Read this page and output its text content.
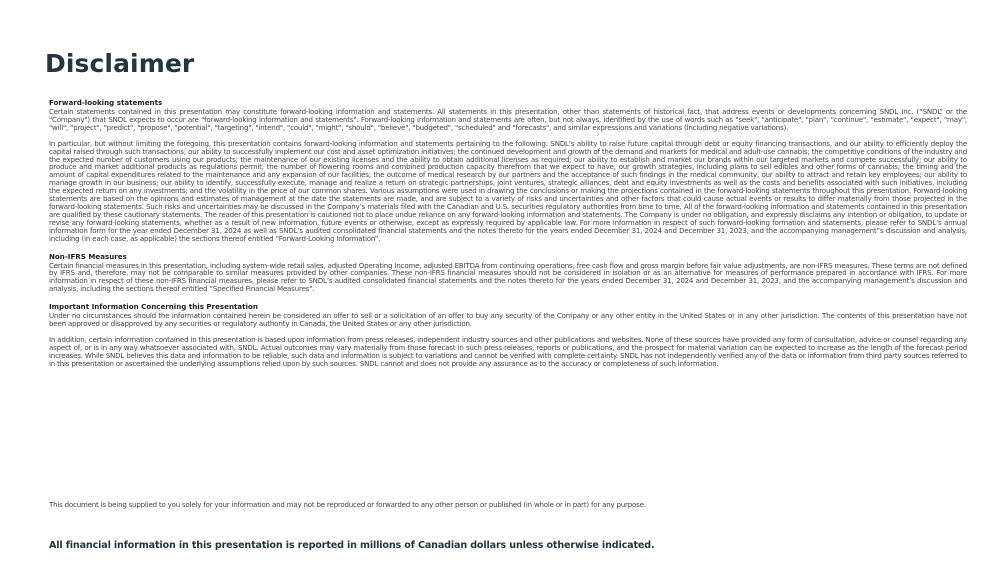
Disclaimer
Forward-looking statements

Certain statements contained in this presentation may constitute forward-looking information and statements. All statements in this presentation, other than statements of historical fact, that address events or developments concerning SNDL Inc. (“SNDL” or the "Company") that SNDL expects to occur are "forward-looking information and statements". Forward-looking information and statements are often, but not always, identified by the use of words such as "seek", "anticipate", "plan", "continue", "estimate", "expect", "may", "will", "project", "predict", "propose", "potential", "targeting", "intend", "could", "might", "should", "believe", "budgeted", "scheduled" and "forecasts", and similar expressions and variations (including negative variations).

In particular, but without limiting the foregoing, this presentation contains forward-looking information and statements pertaining to the following: SNDL’s ability to raise future capital through debt or equity financing transactions, and our ability to efficiently deploy the capital raised through such transactions; our ability to successfully implement our cost and asset optimization initiatives; the continued development and growth of the demand and markets for medical and adult-use cannabis; the competitive conditions of the industry and the expected number of customers using our products; the maintenance of our existing licenses and the ability to obtain additional licenses as required; our ability to establish and market our brands within our targeted markets and compete successfully; our ability to produce and market additional products as regulations permit; the number of flowering rooms and combined production capacity therefrom that we expect to have; our growth strategies, including plans to sell edibles and other forms of cannabis; the timing and the amount of capital expenditures related to the maintenance and any expansion of our facilities; the outcome of medical research by our partners and the acceptance of such findings in the medical community; our ability to attract and retain key employees; our ability to manage growth in our business; our ability to identify, successfully execute, manage and realize a return on strategic partnerships, joint ventures, strategic alliances, debt and equity investments as well as the costs and benefits associated with such initiatives, including the expected return on any investments; and the volatility in the price of our common shares. Various assumptions were used in drawing the conclusions or making the projections contained in the forward-looking statements throughout this presentation. Forward-looking statements are based on the opinions and estimates of management at the date the statements are made, and are subject to a variety of risks and uncertainties and other factors that could cause actual events or results to differ materially from those projected in the forward-looking statements. Such risks and uncertainties may be discussed in the Company’s materials filed with the Canadian and U.S. securities regulatory authorities from time to time. All of the forward-looking information and statements contained in this presentation are qualified by these cautionary statements. The reader of this presentation is cautioned not to place undue reliance on any forward-looking information and statements. The Company is under no obligation, and expressly disclaims any intention or obligation, to update or revise any forward-looking statements, whether as a result of new information, future events or otherwise, except as expressly required by applicable law. For more information in respect of such forward-looking formation and statements, please refer to SNDL’s annual information form for the year ended December 31, 2024 as well as SNDL’s audited consolidated financial statements and the notes thereto for the years ended December 31, 2024 and December 31, 2023, and the accompanying management”s discussion and analysis, including (in each case, as applicable) the sections thereof entitled “Forward-Looking Information”.

Non-IFRS Measures

Certain financial measures in this presentation, including system-wide retail sales, adjusted Operating Income, adjusted EBITDA from continuing operations, free cash flow and gross margin before fair value adjustments, are non-IFRS measures. These terms are not defined by IFRS and, therefore, may not be comparable to similar measures provided by other companies. These non-IFRS financial measures should not be considered in isolation or as an alternative for measures of performance prepared in accordance with IFRS. For more information in respect of these non-IFRS financial measures, please refer to SNDL’s audited consolidated financial statements and the notes thereto for the years ended December 31, 2024 and December 31, 2023, and the accompanying management’s discussion and analysis, including the sections thereof entitled “Specified Financial Measures”.

Important Information Concerning this Presentation

Under no circumstances should the information contained herein be considered an offer to sell or a solicitation of an offer to buy any security of the Company or any other entity in the United States or in any other jurisdiction. The contents of this presentation have not been approved or disapproved by any securities or regulatory authority in Canada, the United States or any other jurisdiction.

In addition, certain information contained in this presentation is based upon information from press releases, independent industry sources and other publications and websites. None of these sources have provided any form of consultation, advice or counsel regarding any aspect of, or is in any way whatsoever associated with, SNDL. Actual outcomes may vary materially from those forecast in such press releases, reports or publications, and the prospect for material variation can be expected to increase as the length of the forecast period increases. While SNDL believes this data and information to be reliable, such data and information is subject to variations and cannot be verified with complete certainty. SNDL has not independently verified any of the data or information from third party sources referred to in this presentation or ascertained the underlying assumptions relied upon by such sources. SNDL cannot and does not provide any assurance as to the accuracy or completeness of such information.

This document is being supplied to you solely for your information and may not be reproduced or forwarded to any other person or published (in whole or in part) for any purpose.

All financial information in this presentation is reported in millions of Canadian dollars unless otherwise indicated.
